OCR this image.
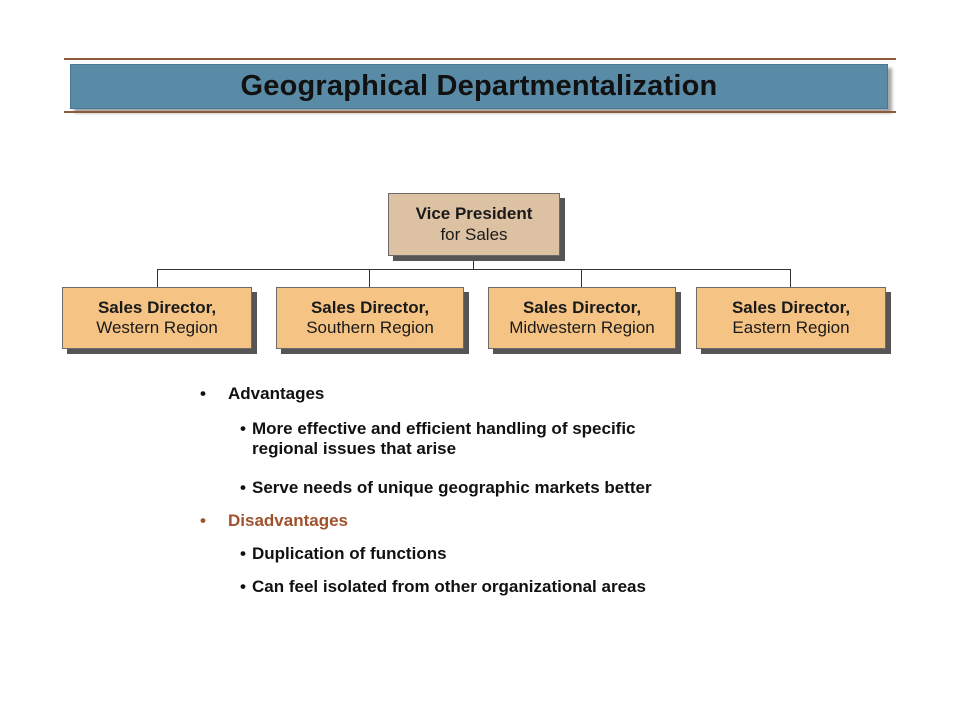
Geographical Departmentalization
Vice President
for Sales
Sales Director,
Western Region
Sales Director,
Southern Region
Sales Director,
Midwestern Region
Sales Director,
Eastern Region
• Advantages
• More effective and efficient handling of specific
regional issues that arise
• Serve needs of unique geographic markets better
• Disadvantages
• Duplication of functions
• Can feel isolated from other organizational areas
